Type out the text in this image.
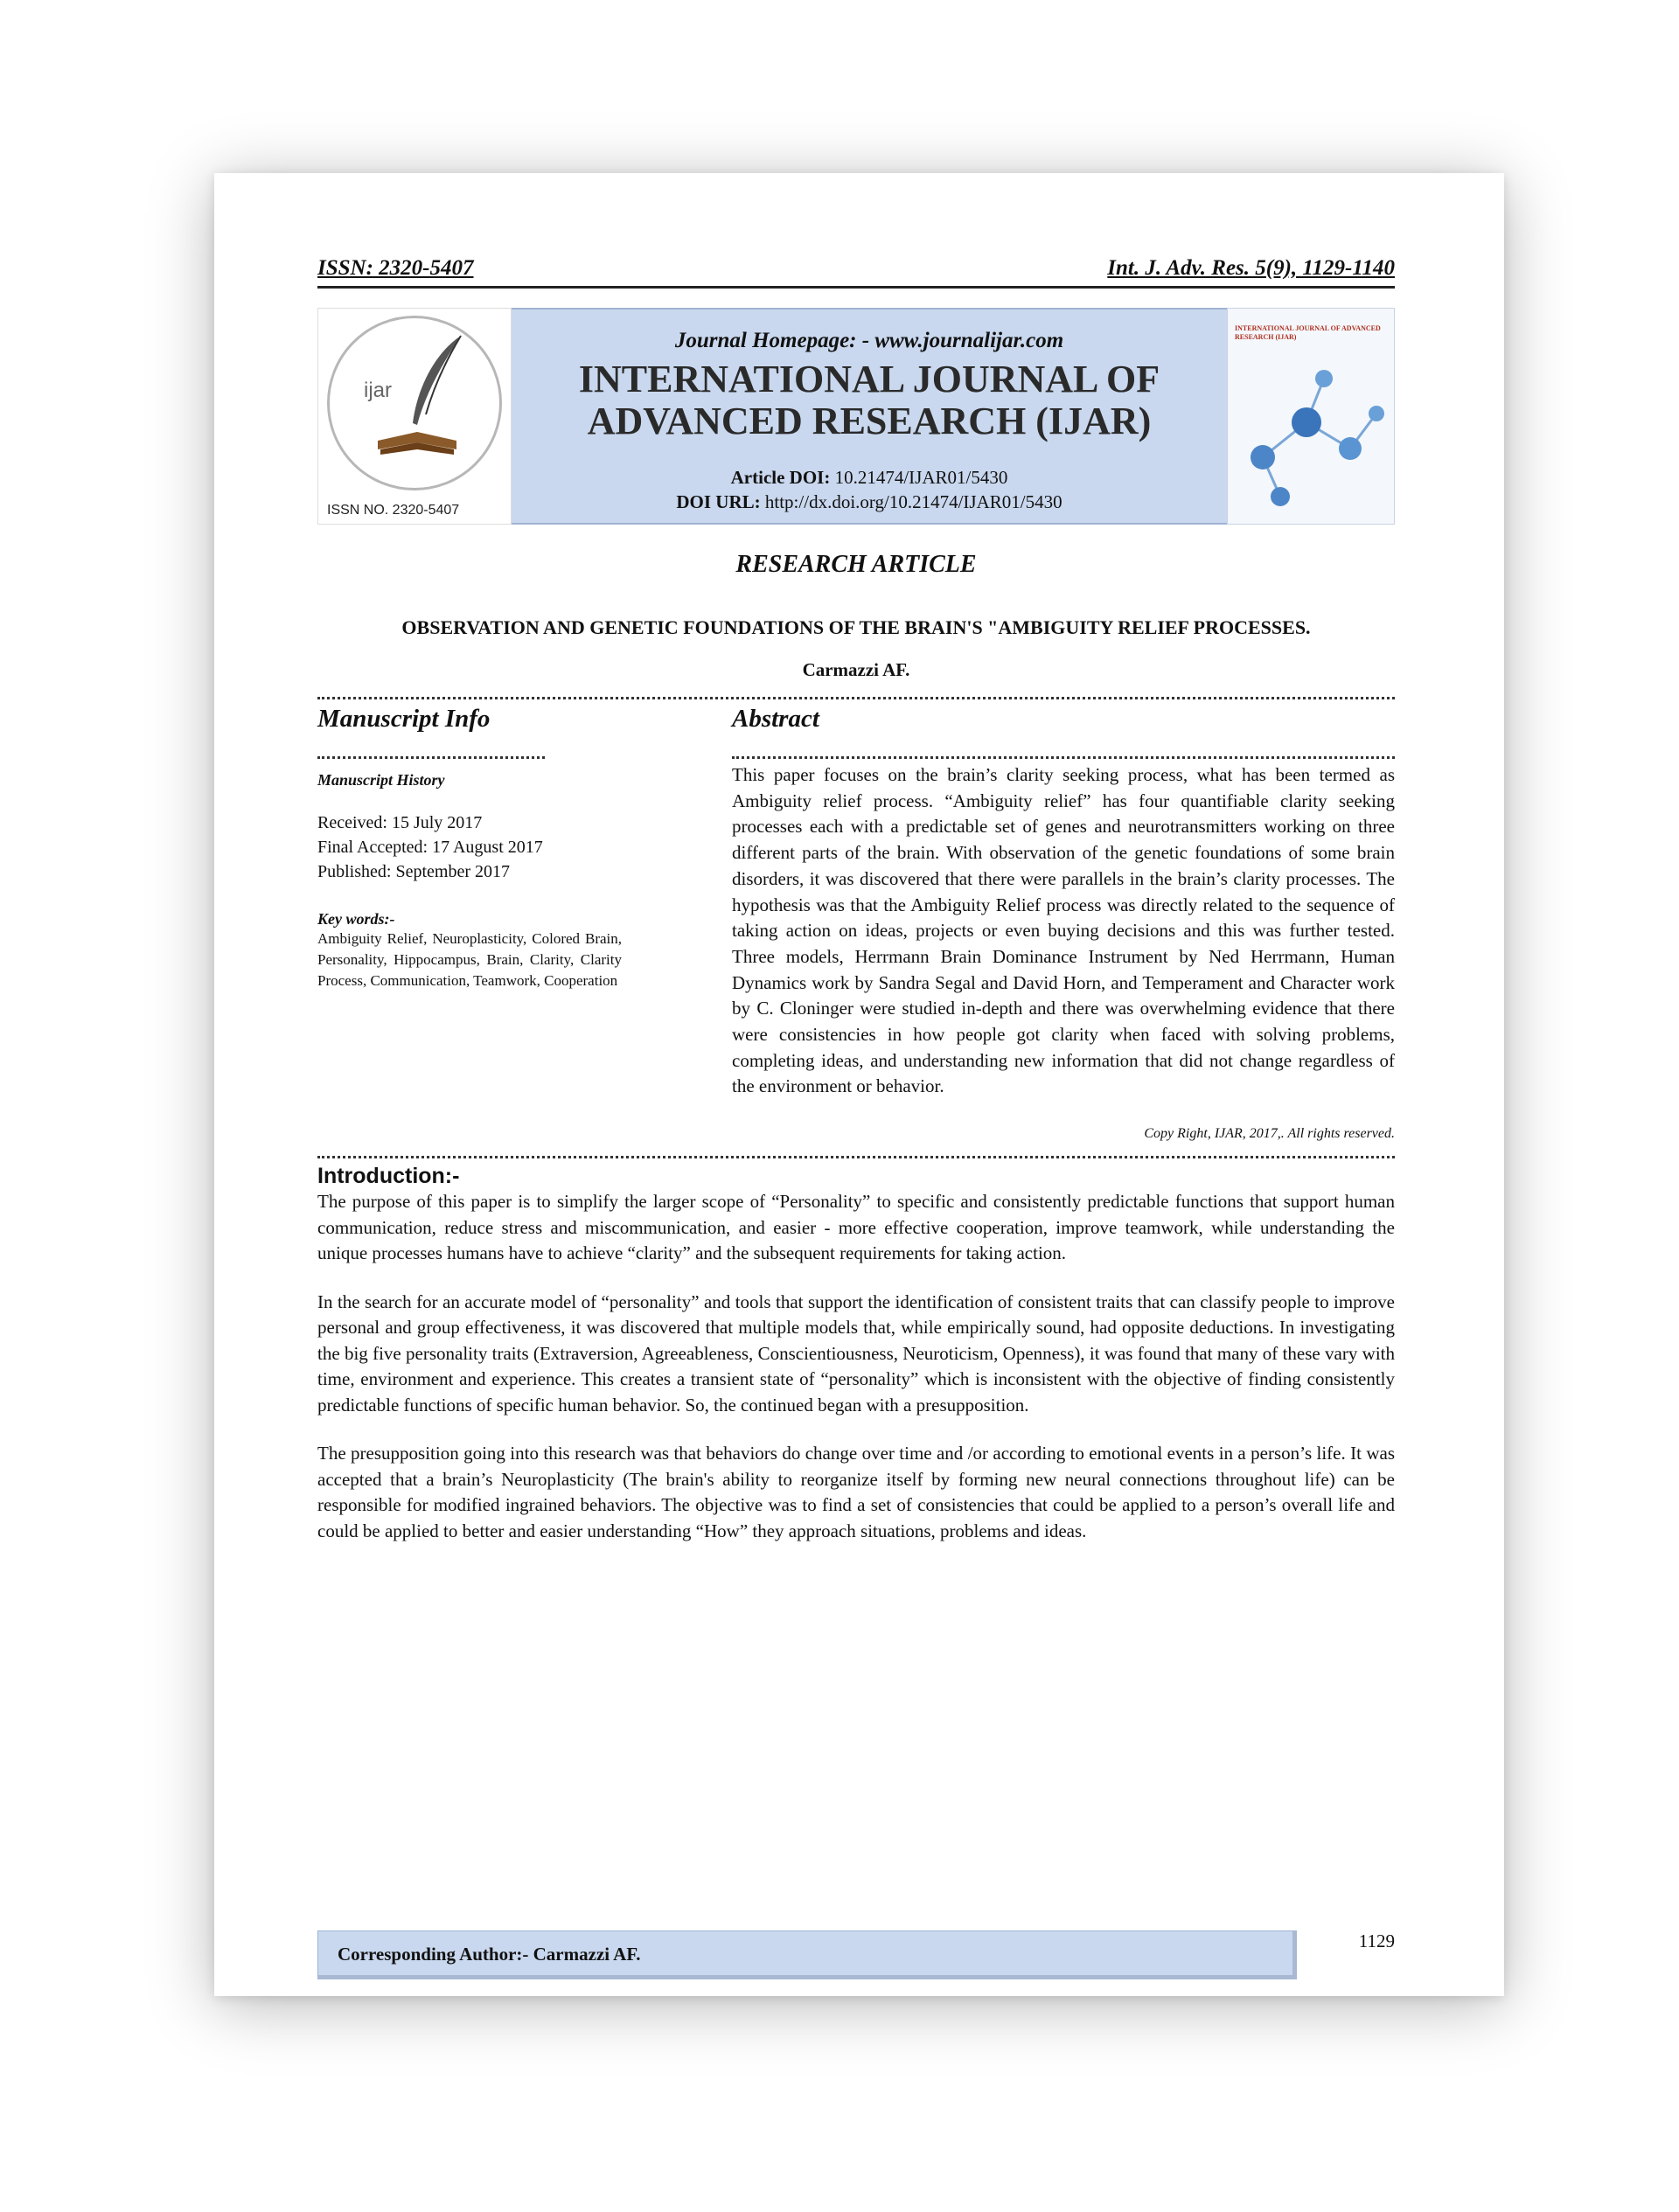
ISSN: 2320-5407	Int. J. Adv. Res. 5(9), 1129-1140
ijar
ISSN NO. 2320-5407
Journal Homepage: - www.journalijar.com
INTERNATIONAL JOURNAL OF
ADVANCED RESEARCH (IJAR)
Article DOI: 10.21474/IJAR01/5430
DOI URL: http://dx.doi.org/10.21474/IJAR01/5430
INTERNATIONAL JOURNAL OF ADVANCED RESEARCH (IJAR)
RESEARCH ARTICLE
OBSERVATION AND GENETIC FOUNDATIONS OF THE BRAIN'S "AMBIGUITY RELIEF PROCESSES.
Carmazzi AF.
Manuscript Info
Manuscript History
Received: 15 July 2017
Final Accepted: 17 August 2017
Published: September 2017
Key words:-
Ambiguity Relief, Neuroplasticity, Colored Brain, Personality, Hippocampus, Brain, Clarity, Clarity Process, Communication, Teamwork, Cooperation
Abstract
This paper focuses on the brain’s clarity seeking process, what has been termed as Ambiguity relief process. “Ambiguity relief” has four quantifiable clarity seeking processes each with a predictable set of genes and neurotransmitters working on three different parts of the brain. With observation of the genetic foundations of some brain disorders, it was discovered that there were parallels in the brain’s clarity processes. The hypothesis was that the Ambiguity Relief process was directly related to the sequence of taking action on ideas, projects or even buying decisions and this was further tested. Three models, Herrmann Brain Dominance Instrument by Ned Herrmann, Human Dynamics work by Sandra Segal and David Horn, and Temperament and Character work by C. Cloninger were studied in-depth and there was overwhelming evidence that there were consistencies in how people got clarity when faced with solving problems, completing ideas, and understanding new information that did not change regardless of the environment or behavior.
Copy Right, IJAR, 2017,. All rights reserved.
Introduction:-
The purpose of this paper is to simplify the larger scope of “Personality” to specific and consistently predictable functions that support human communication, reduce stress and miscommunication, and easier - more effective cooperation, improve teamwork, while understanding the unique processes humans have to achieve “clarity” and the subsequent requirements for taking action.
In the search for an accurate model of “personality” and tools that support the identification of consistent traits that can classify people to improve personal and group effectiveness, it was discovered that multiple models that, while empirically sound, had opposite deductions. In investigating the big five personality traits (Extraversion, Agreeableness, Conscientiousness, Neuroticism, Openness), it was found that many of these vary with time, environment and experience. This creates a transient state of “personality” which is inconsistent with the objective of finding consistently predictable functions of specific human behavior. So, the continued began with a presupposition.
The presupposition going into this research was that behaviors do change over time and /or according to emotional events in a person’s life. It was accepted that a brain’s Neuroplasticity (The brain's ability to reorganize itself by forming new neural connections throughout life) can be responsible for modified ingrained behaviors. The objective was to find a set of consistencies that could be applied to a person’s overall life and could be applied to better and easier understanding “How” they approach situations, problems and ideas.
Corresponding Author:- Carmazzi AF.
1129
